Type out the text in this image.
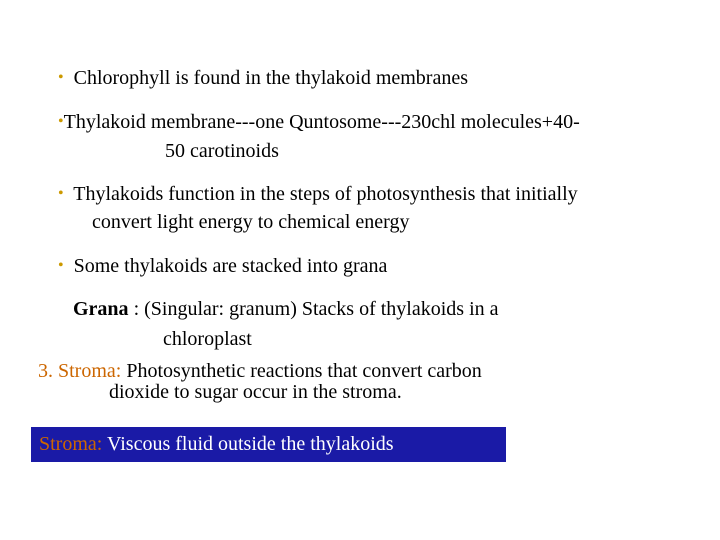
• Chlorophyll is found in the thylakoid membranes
•Thylakoid membrane---one Quntosome---230chl molecules+40-
50 carotinoids
• Thylakoids function in the steps of photosynthesis that initially
convert light energy to chemical energy
• Some thylakoids are stacked into grana
Grana : (Singular: granum) Stacks of thylakoids in a
chloroplast
3. Stroma: Photosynthetic reactions that convert carbon
dioxide to sugar occur in the stroma.
Stroma: Viscous fluid outside the thylakoids
